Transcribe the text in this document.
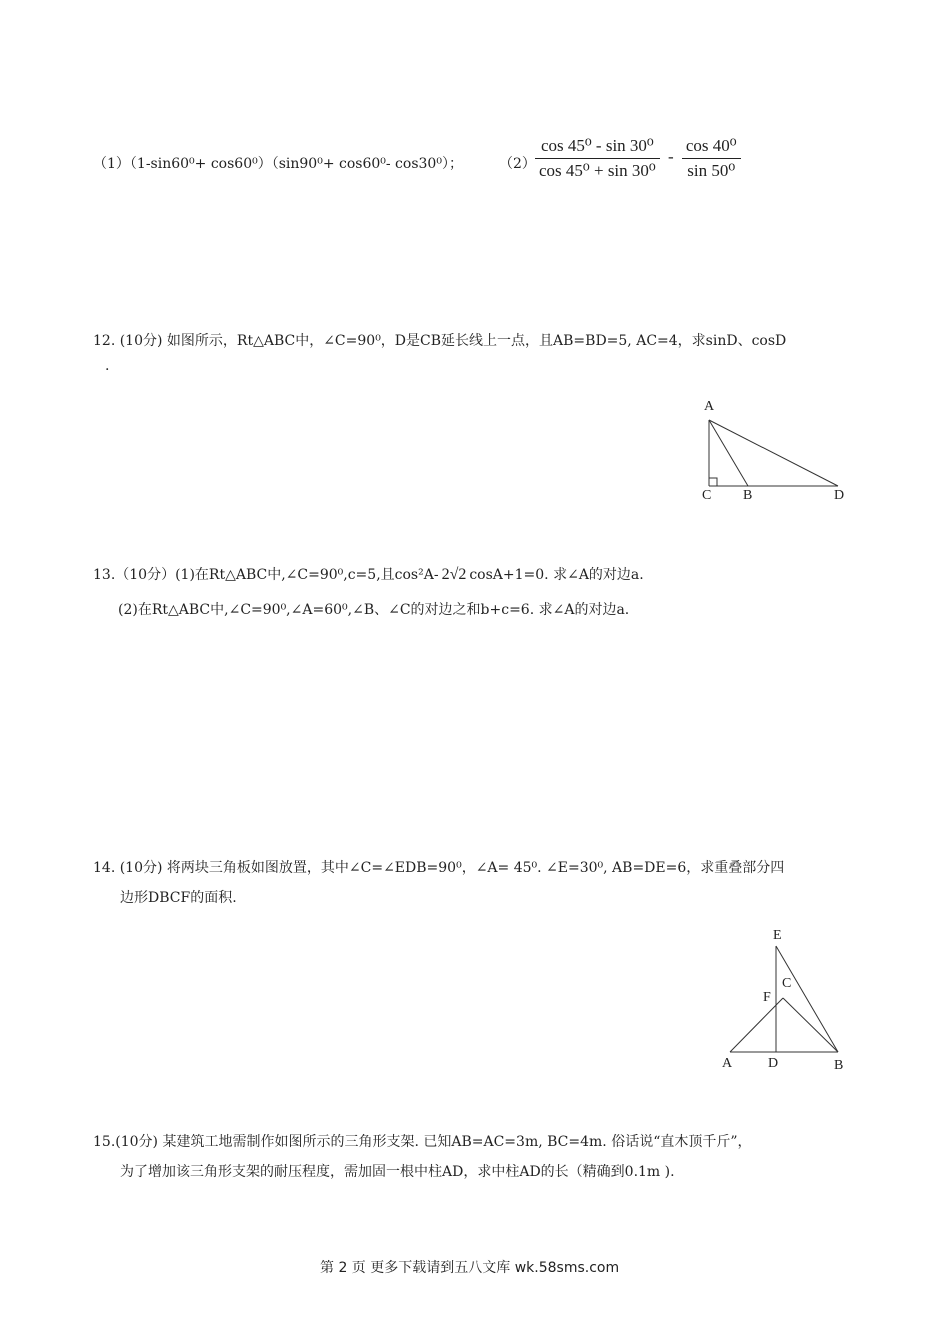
（1）（1-sin60⁰+ cos60⁰）（sin90⁰+ cos60⁰- cos30⁰）；	$(2) \frac{\text{cos 45⁰ - sin 30⁰}}{\text{cos 45⁰ + sin 30⁰}} - \frac{\text{cos 40⁰}}{\text{sin 50⁰}}$
12. (10分) 如图所示，Rt△ABC中，∠C=90⁰，D是CB延长线上一点，且AB=BD=5, AC=4，求sinD、cosD
.
A
C B	D
13.（10分）(1)在Rt△ABC中,∠C=90⁰,c=5,且cos²A- 2√2 cosA+1=0. 求∠A的对边a.
(2)在Rt△ABC中,∠C=90⁰,∠A=60⁰,∠B、∠C的对边之和b+c=6. 求∠A的对边a.
14. (10分) 将两块三角板如图放置，其中∠C=∠EDB=90⁰，∠A= 45⁰. ∠E=30⁰, AB=DE=6，求重叠部分四
边形DBCF的面积.
E
C
F
A	D	B
15.(10分) 某建筑工地需制作如图所示的三角形支架. 已知AB=AC=3m, BC=4m. 俗话说“直木顶千斤”，
为了增加该三角形支架的耐压程度，需加固一根中柱AD，求中柱AD的长（精确到0.1m ).
第 2 页 更多下载请到五八文库 wk.58sms.com
